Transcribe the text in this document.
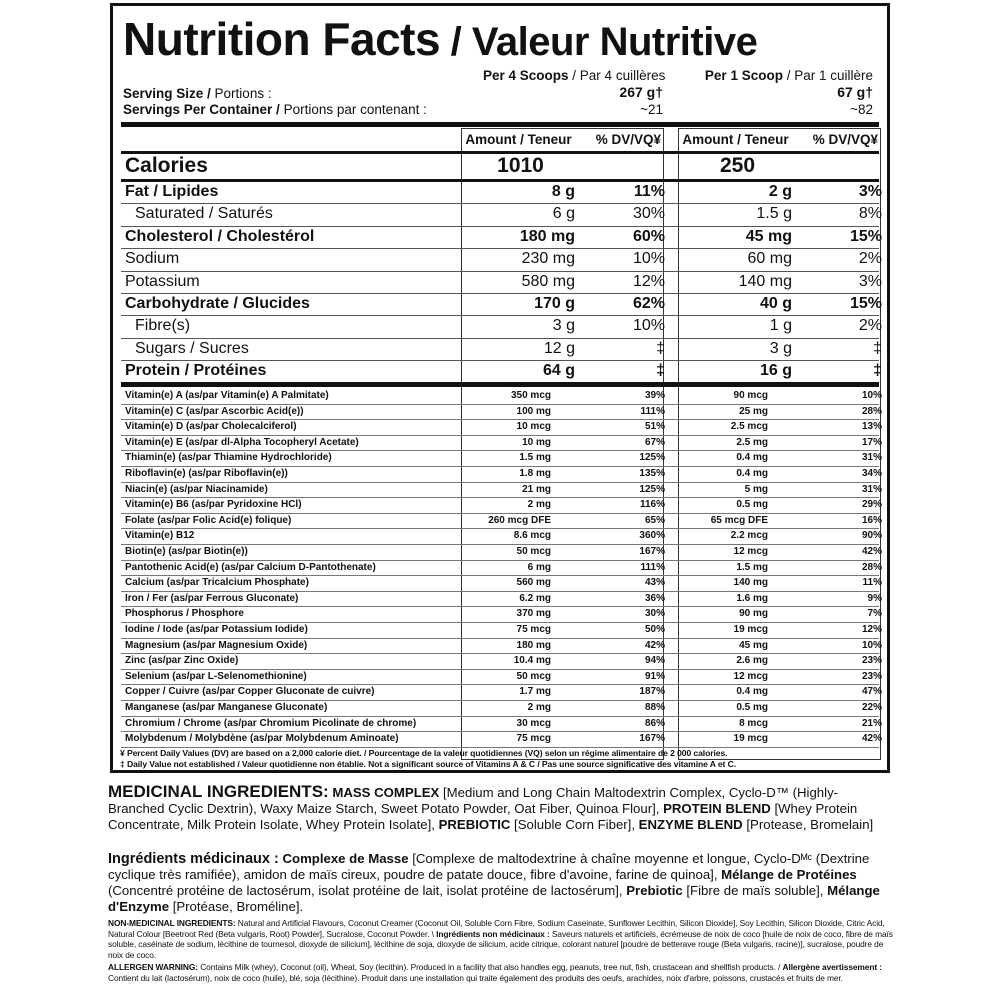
Nutrition Facts / Valeur Nutritive
Per 4 Scoops / Par 4 cuillères	Per 1 Scoop / Par 1 cuillère
Serving Size / Portions :	267 g†	67 g†
Servings Per Container / Portions par contenant :	~21	~82
Amount / Teneur	% DV/VQ¥	Amount / Teneur	% DV/VQ¥
Calories	1010	250
Fat / Lipides	8 g	11%	2 g	3%
Saturated / Saturés	6 g	30%	1.5 g	8%
Cholesterol / Cholestérol	180 mg	60%	45 mg	15%
Sodium	230 mg	10%	60 mg	2%
Potassium	580 mg	12%	140 mg	3%
Carbohydrate / Glucides	170 g	62%	40 g	15%
Fibre(s)	3 g	10%	1 g	2%
Sugars / Sucres	12 g	‡	3 g	‡
Protein / Protéines	64 g	‡	16 g	‡
Vitamin(e) A (as/par Vitamin(e) A Palmitate)	350 mcg	39%	90 mcg	10%
Vitamin(e) C (as/par Ascorbic Acid(e))	100 mg	111%	25 mg	28%
Vitamin(e) D (as/par Cholecalciferol)	10 mcg	51%	2.5 mcg	13%
Vitamin(e) E (as/par dl-Alpha Tocopheryl Acetate)	10 mg	67%	2.5 mg	17%
Thiamin(e) (as/par Thiamine Hydrochloride)	1.5 mg	125%	0.4 mg	31%
Riboflavin(e) (as/par Riboflavin(e))	1.8 mg	135%	0.4 mg	34%
Niacin(e) (as/par Niacinamide)	21 mg	125%	5 mg	31%
Vitamin(e) B6 (as/par Pyridoxine HCl)	2 mg	116%	0.5 mg	29%
Folate (as/par Folic Acid(e) folique)	260 mcg DFE	65%	65 mcg DFE	16%
Vitamin(e) B12	8.6 mcg	360%	2.2 mcg	90%
Biotin(e) (as/par Biotin(e))	50 mcg	167%	12 mcg	42%
Pantothenic Acid(e) (as/par Calcium D-Pantothenate)	6 mg	111%	1.5 mg	28%
Calcium (as/par Tricalcium Phosphate)	560 mg	43%	140 mg	11%
Iron / Fer (as/par Ferrous Gluconate)	6.2 mg	36%	1.6 mg	9%
Phosphorus / Phosphore	370 mg	30%	90 mg	7%
Iodine / Iode (as/par Potassium Iodide)	75 mcg	50%	19 mcg	12%
Magnesium (as/par Magnesium Oxide)	180 mg	42%	45 mg	10%
Zinc (as/par Zinc Oxide)	10.4 mg	94%	2.6 mg	23%
Selenium (as/par L-Selenomethionine)	50 mcg	91%	12 mcg	23%
Copper / Cuivre (as/par Copper Gluconate de cuivre)	1.7 mg	187%	0.4 mg	47%
Manganese (as/par Manganese Gluconate)	2 mg	88%	0.5 mg	22%
Chromium / Chrome (as/par Chromium Picolinate de chrome)	30 mcg	86%	8 mcg	21%
Molybdenum / Molybdène (as/par Molybdenum Aminoate)	75 mcg	167%	19 mcg	42%
¥ Percent Daily Values (DV) are based on a 2,000 calorie diet. / Pourcentage de la valeur quotidiennes (VQ) selon un régime alimentaire de 2 000 calories.
‡ Daily Value not established / Valeur quotidienne non établie. Not a significant source of Vitamins A & C / Pas une source significative des vitamine A et C.
MEDICINAL INGREDIENTS: MASS COMPLEX [Medium and Long Chain Maltodextrin Complex, Cyclo-D™ (Highly-Branched Cyclic Dextrin), Waxy Maize Starch, Sweet Potato Powder, Oat Fiber, Quinoa Flour], PROTEIN BLEND [Whey Protein Concentrate, Milk Protein Isolate, Whey Protein Isolate], PREBIOTIC [Soluble Corn Fiber], ENZYME BLEND [Protease, Bromelain]
Ingrédients médicinaux : Complexe de Masse [Complexe de maltodextrine à chaîne moyenne et longue, Cyclo-Dᴹᶜ (Dextrine cyclique très ramifiée), amidon de maïs cireux, poudre de patate douce, fibre d'avoine, farine de quinoa], Mélange de Protéines (Concentré protéine de lactosérum, isolat protéine de lait, isolat protéine de lactosérum], Prebiotic [Fibre de maïs soluble], Mélange d'Enzyme [Protéase, Broméline].
NON-MEDICINAL INGREDIENTS: Natural and Artificial Flavours, Coconut Creamer (Coconut Oil, Soluble Corn Fibre, Sodium Caseinate, Sunflower Lecithin, Silicon Dioxide], Soy Lecithin, Silicon Dioxide, Citric Acid, Natural Colour [Beetroot Red (Beta vulgaris, Root) Powder], Sucralose, Coconut Powder. \ Ingrédients non médicinaux : Saveurs naturels et artificiels, écrémeuse de noix de coco [huile de noix de coco, fibre de maïs soluble, caséinate de sodium, lécithine de tournesol, dioxyde de silicium], lécithine de soja, dioxyde de silicium, acide citrique, colorant naturel [poudre de betterave rouge (Beta vulgaris, racine)], sucralose, poudre de noix de coco.
ALLERGEN WARNING: Contains Milk (whey), Coconut (oil), Wheat, Soy (lecithin). Produced in a facility that also handles egg, peanuts, tree nut, fish, crustacean and shellfish products. / Allergène avertissement : Contient du lait (lactosérum), noix de coco (huile), blé, soja (lécithine). Produit dans une installation qui traite également des produits des oeufs, arachides, noix d'arbre, poissons, crustacés et fruits de mer.
